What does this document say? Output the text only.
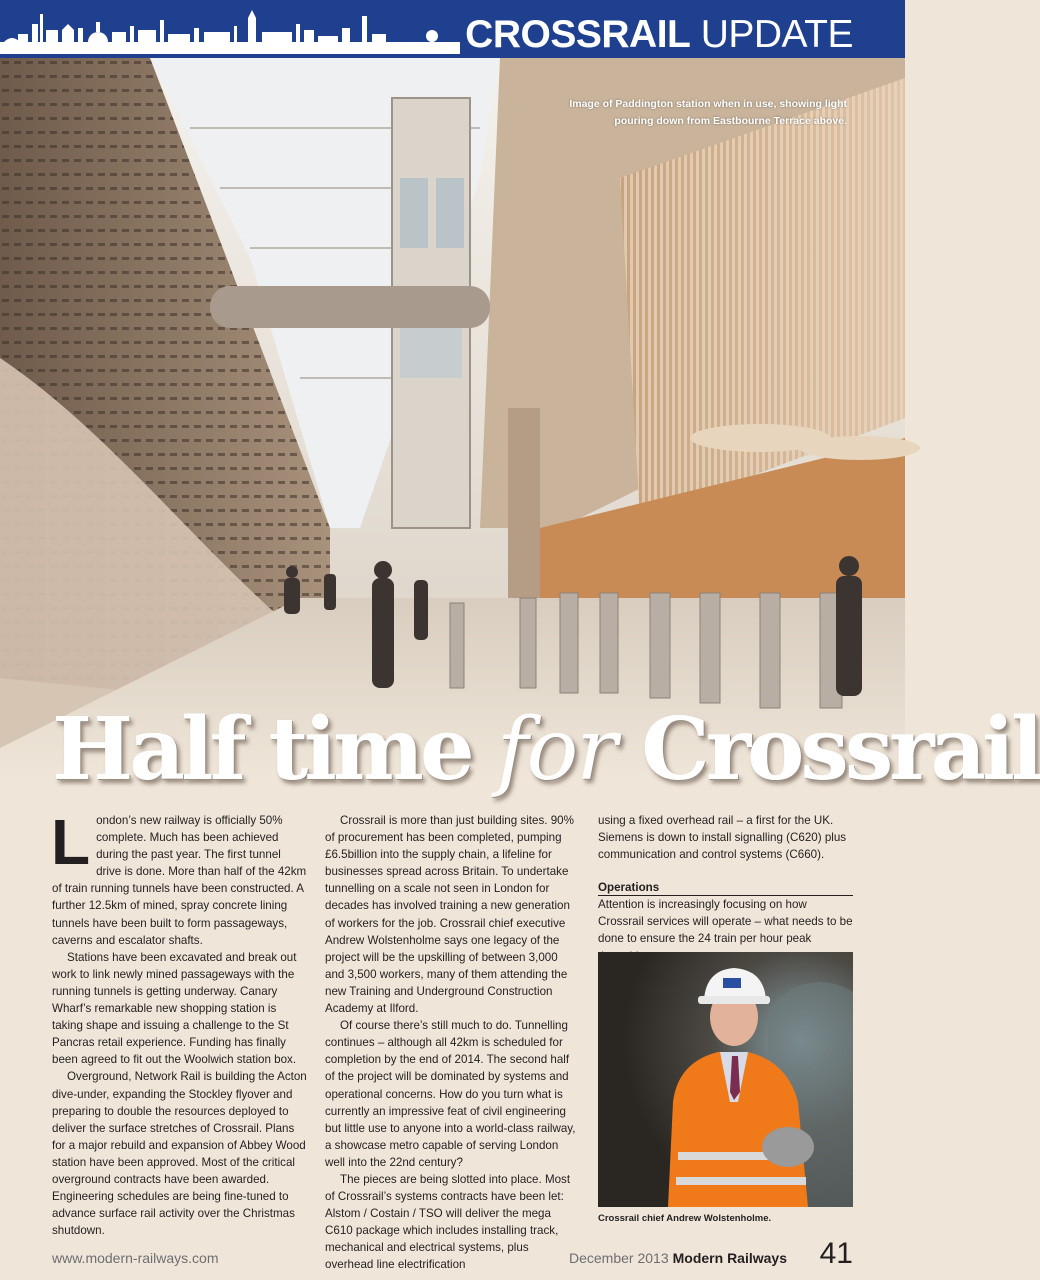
CROSSRAIL UPDATE
Image of Paddington station when in use, showing light pouring down from Eastbourne Terrace above.
Half time for Crossrail

London’s new railway is officially 50% complete. Much has been achieved during the past year. The first tunnel drive is done. More than half of the 42km of train running tunnels have been constructed. A further 12.5km of mined, spray concrete lining tunnels have been built to form passageways, caverns and escalator shafts.

Stations have been excavated and break out work to link newly mined passageways with the running tunnels is getting underway. Canary Wharf’s remarkable new shopping station is taking shape and issuing a challenge to the St Pancras retail experience. Funding has finally been agreed to fit out the Woolwich station box.

Overground, Network Rail is building the Acton dive-under, expanding the Stockley flyover and preparing to double the resources deployed to deliver the surface stretches of Crossrail. Plans for a major rebuild and expansion of Abbey Wood station have been approved. Most of the critical overground contracts have been awarded. Engineering schedules are being fine-tuned to advance surface rail activity over the Christmas shutdown.

Crossrail is more than just building sites. 90% of procurement has been completed, pumping £6.5billion into the supply chain, a lifeline for businesses spread across Britain. To undertake tunnelling on a scale not seen in London for decades has involved training a new generation of workers for the job. Crossrail chief executive Andrew Wolstenholme says one legacy of the project will be the upskilling of between 3,000 and 3,500 workers, many of them attending the new Training and Underground Construction Academy at Ilford.

Of course there’s still much to do. Tunnelling continues – although all 42km is scheduled for completion by the end of 2014. The second half of the project will be dominated by systems and operational concerns. How do you turn what is currently an impressive feat of civil engineering but little use to anyone into a world-class railway, a showcase metro capable of serving London well into the 22nd century?

The pieces are being slotted into place. Most of Crossrail’s systems contracts have been let: Alstom / Costain / TSO will deliver the mega C610 package which includes installing track, mechanical and electrical systems, plus overhead line electrification

using a fixed overhead rail – a first for the UK. Siemens is down to install signalling (C620) plus communication and control systems (C660).

Operations

Attention is increasingly focusing on how Crossrail services will operate – what needs to be done to ensure the 24 train per hour peak

Crossrail chief Andrew Wolstenholme.
www.modern-railways.com	December 2013 Modern Railways 41
